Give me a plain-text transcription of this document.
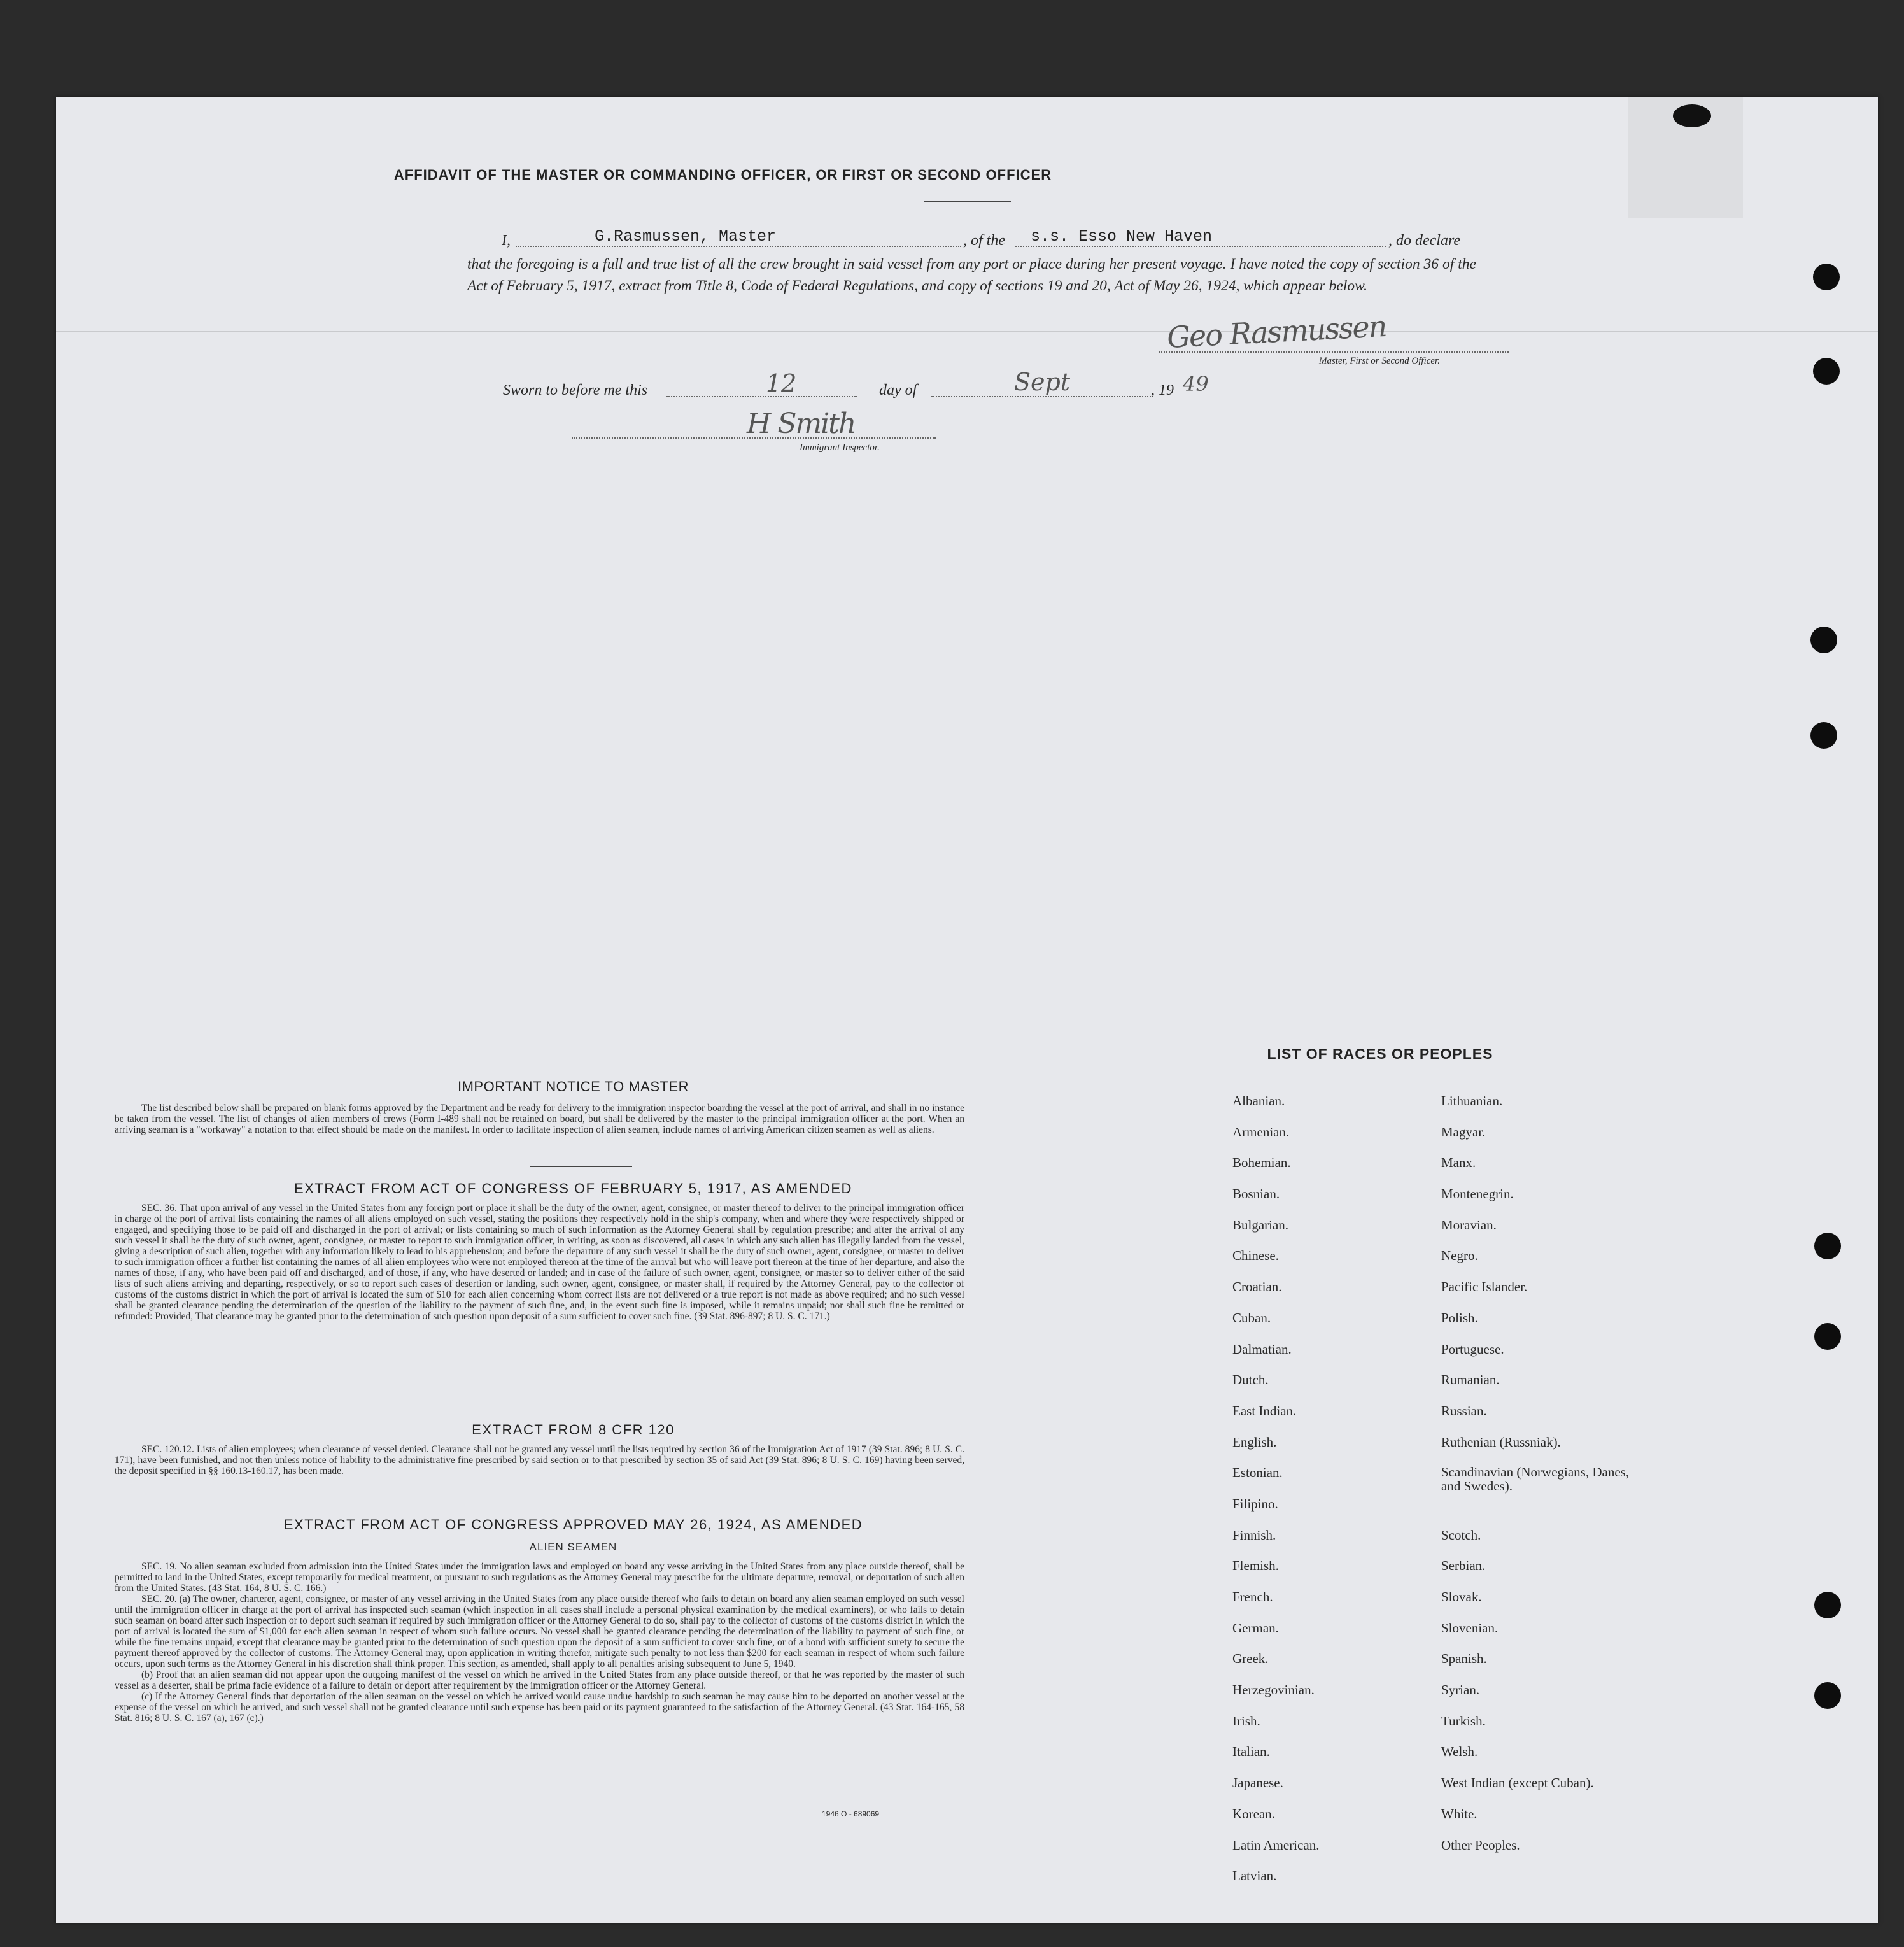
AFFIDAVIT OF THE MASTER OR COMMANDING OFFICER, OR FIRST OR SECOND OFFICER
I,	G.Rasmussen, Master	, of the s.s. Esso New Haven	, do declare
that the foregoing is a full and true list of all the crew brought in said vessel from any port or place during her present voyage. I have noted the copy of section 36 of the Act of February 5, 1917, extract from Title 8, Code of Federal Regulations, and copy of sections 19 and 20, Act of May 26, 1924, which appear below.
Geo Rasmussen
Master, First or Second Officer.
Sworn to before me this	12	day of	Sept	, 19 49
H Smith
Immigrant Inspector.
IMPORTANT NOTICE TO MASTER

The list described below shall be prepared on blank forms approved by the Department and be ready for delivery to the immigration inspector boarding the vessel at the port of arrival, and shall in no instance be taken from the vessel. The list of changes of alien members of crews (Form I-489 shall not be retained on board, but shall be delivered by the master to the principal immigration officer at the port. When an arriving seaman is a "workaway" a notation to that effect should be made on the manifest. In order to facilitate inspection of alien seamen, include names of arriving American citizen seamen as well as aliens.

EXTRACT FROM ACT OF CONGRESS OF FEBRUARY 5, 1917, AS AMENDED

SEC. 36. That upon arrival of any vessel in the United States from any foreign port or place it shall be the duty of the owner, agent, consignee, or master thereof to deliver to the principal immigration officer in charge of the port of arrival lists containing the names of all aliens employed on such vessel, stating the positions they respectively hold in the ship's company, when and where they were respectively shipped or engaged, and specifying those to be paid off and discharged in the port of arrival; or lists containing so much of such information as the Attorney General shall by regulation prescribe; and after the arrival of any such vessel it shall be the duty of such owner, agent, consignee, or master to report to such immigration officer, in writing, as soon as discovered, all cases in which any such alien has illegally landed from the vessel, giving a description of such alien, together with any information likely to lead to his apprehension; and before the departure of any such vessel it shall be the duty of such owner, agent, consignee, or master to deliver to such immigration officer a further list containing the names of all alien employees who were not employed thereon at the time of the arrival but who will leave port thereon at the time of her departure, and also the names of those, if any, who have been paid off and discharged, and of those, if any, who have deserted or landed; and in case of the failure of such owner, agent, consignee, or master so to deliver either of the said lists of such aliens arriving and departing, respectively, or so to report such cases of desertion or landing, such owner, agent, consignee, or master shall, if required by the Attorney General, pay to the collector of customs of the customs district in which the port of arrival is located the sum of $10 for each alien concerning whom correct lists are not delivered or a true report is not made as above required; and no such vessel shall be granted clearance pending the determination of the question of the liability to the payment of such fine, and, in the event such fine is imposed, while it remains unpaid; nor shall such fine be remitted or refunded: Provided, That clearance may be granted prior to the determination of such question upon deposit of a sum sufficient to cover such fine. (39 Stat. 896-897; 8 U. S. C. 171.)

EXTRACT FROM 8 CFR 120

SEC. 120.12. Lists of alien employees; when clearance of vessel denied. Clearance shall not be granted any vessel until the lists required by section 36 of the Immigration Act of 1917 (39 Stat. 896; 8 U. S. C. 171), have been furnished, and not then unless notice of liability to the administrative fine prescribed by said section or to that prescribed by section 35 of said Act (39 Stat. 896; 8 U. S. C. 169) having been served, the deposit specified in §§ 160.13-160.17, has been made.

EXTRACT FROM ACT OF CONGRESS APPROVED MAY 26, 1924, AS AMENDED
ALIEN SEAMEN

SEC. 19. No alien seaman excluded from admission into the United States under the immigration laws and employed on board any vesse arriving in the United States from any place outside thereof, shall be permitted to land in the United States, except temporarily for medical treatment, or pursuant to such regulations as the Attorney General may prescribe for the ultimate departure, removal, or deportation of such alien from the United States. (43 Stat. 164, 8 U. S. C. 166.)

SEC. 20. (a) The owner, charterer, agent, consignee, or master of any vessel arriving in the United States from any place outside thereof who fails to detain on board any alien seaman employed on such vessel until the immigration officer in charge at the port of arrival has inspected such seaman (which inspection in all cases shall include a personal physical examination by the medical examiners), or who fails to detain such seaman on board after such inspection or to deport such seaman if required by such immigration officer or the Attorney General to do so, shall pay to the collector of customs of the customs district in which the port of arrival is located the sum of $1,000 for each alien seaman in respect of whom such failure occurs. No vessel shall be granted clearance pending the determination of the liability to payment of such fine, or while the fine remains unpaid, except that clearance may be granted prior to the determination of such question upon the deposit of a sum sufficient to cover such fine, or of a bond with sufficient surety to secure the payment thereof approved by the collector of customs. The Attorney General may, upon application in writing therefor, mitigate such penalty to not less than $200 for each seaman in respect of whom such failure occurs, upon such terms as the Attorney General in his discretion shall think proper. This section, as amended, shall apply to all penalties arising subsequent to June 5, 1940.

(b) Proof that an alien seaman did not appear upon the outgoing manifest of the vessel on which he arrived in the United States from any place outside thereof, or that he was reported by the master of such vessel as a deserter, shall be prima facie evidence of a failure to detain or deport after requirement by the immigration officer or the Attorney General.

(c) If the Attorney General finds that deportation of the alien seaman on the vessel on which he arrived would cause undue hardship to such seaman he may cause him to be deported on another vessel at the expense of the vessel on which he arrived, and such vessel shall not be granted clearance until such expense has been paid or its payment guaranteed to the satisfaction of the Attorney General. (43 Stat. 164-165, 58 Stat. 816; 8 U. S. C. 167 (a), 167 (c).)

1946 O - 689069
LIST OF RACES OR PEOPLES
Albanian.
Armenian.
Bohemian.
Bosnian.
Bulgarian.
Chinese.
Croatian.
Cuban.
Dalmatian.
Dutch.
East Indian.
English.
Estonian.
Filipino.
Finnish.
Flemish.
French.
German.
Greek.
Herzegovinian.
Irish.
Italian.
Japanese.
Korean.
Latin American.
Latvian.
Lithuanian.
Magyar.
Manx.
Montenegrin.
Moravian.
Negro.
Pacific Islander.
Polish.
Portuguese.
Rumanian.
Russian.
Ruthenian (Russniak).
Scandinavian (Norwegians, Danes, and Swedes).
Scotch.
Serbian.
Slovak.
Slovenian.
Spanish.
Syrian.
Turkish.
Welsh.
West Indian (except Cuban).
White.
Other Peoples.
